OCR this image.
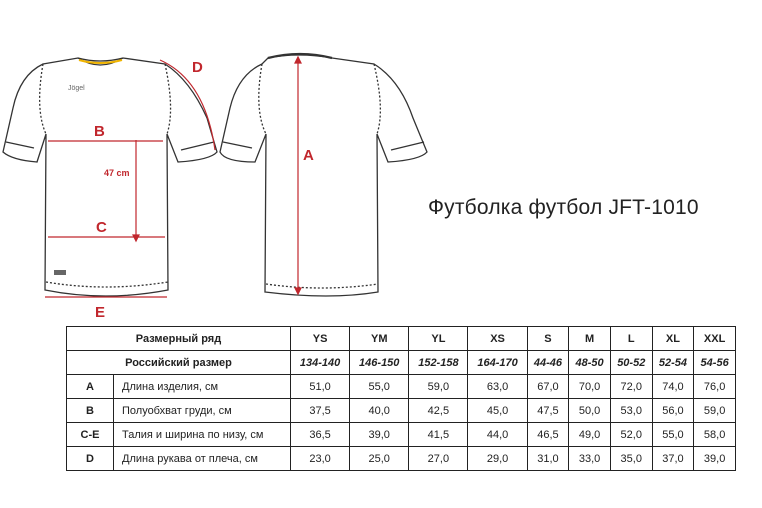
Jögel
A
B
C
D
E
47 cm
Футболка футбол JFT-1010
Размерный ряд		YS	YM	YL	XS	S	M	L	XL	XXL
Российский размер		134-140	146-150	152-158	164-170	44-46	48-50	50-52	52-54	54-56
A	Длина изделия, см	51,0	55,0	59,0	63,0	67,0	70,0	72,0	74,0	76,0
B	Полуобхват груди, см	37,5	40,0	42,5	45,0	47,5	50,0	53,0	56,0	59,0
C-E	Талия и ширина по низу, см	36,5	39,0	41,5	44,0	46,5	49,0	52,0	55,0	58,0
D	Длина рукава от плеча, см	23,0	25,0	27,0	29,0	31,0	33,0	35,0	37,0	39,0
